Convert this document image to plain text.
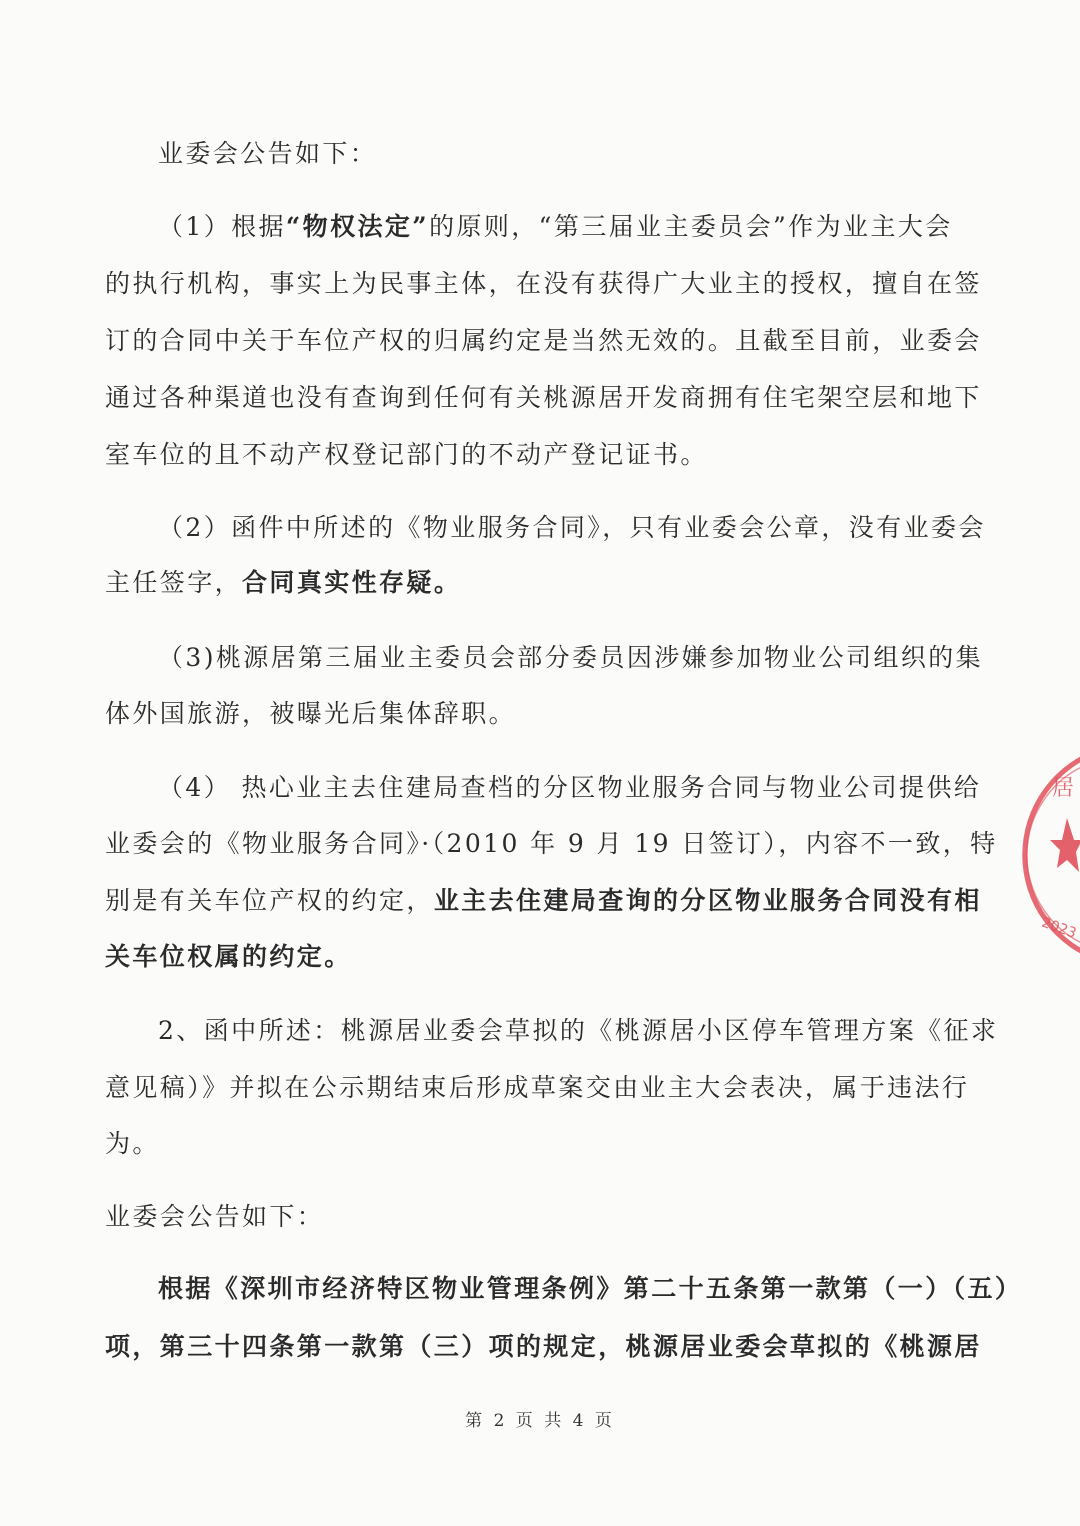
业委会公告如下：
（1）根据“物权法定”的原则，“第三届业主委员会”作为业主大会
的执行机构，事实上为民事主体，在没有获得广大业主的授权，擅自在签
订的合同中关于车位产权的归属约定是当然无效的。且截至目前，业委会
通过各种渠道也没有查询到任何有关桃源居开发商拥有住宅架空层和地下
室车位的且不动产权登记部门的不动产登记证书。
（2）函件中所述的《物业服务合同》，只有业委会公章，没有业委会
主任签字，合同真实性存疑。
（3)桃源居第三届业主委员会部分委员因涉嫌参加物业公司组织的集
体外国旅游，被曝光后集体辞职。
（4） 热心业主去住建局查档的分区物业服务合同与物业公司提供给
业委会的《物业服务合同》·（2010 年 9 月 19 日签订），内容不一致，特
别是有关车位产权的约定，业主去住建局查询的分区物业服务合同没有相
关车位权属的约定。
2、函中所述：桃源居业委会草拟的《桃源居小区停车管理方案《征求
意见稿）》并拟在公示期结束后形成草案交由业主大会表决，属于违法行
为。
业委会公告如下：
根据《深圳市经济特区物业管理条例》第二十五条第一款第（一）（五）
项，第三十四条第一款第（三）项的规定，桃源居业委会草拟的《桃源居
第 2 页 共 4 页
居
2023
